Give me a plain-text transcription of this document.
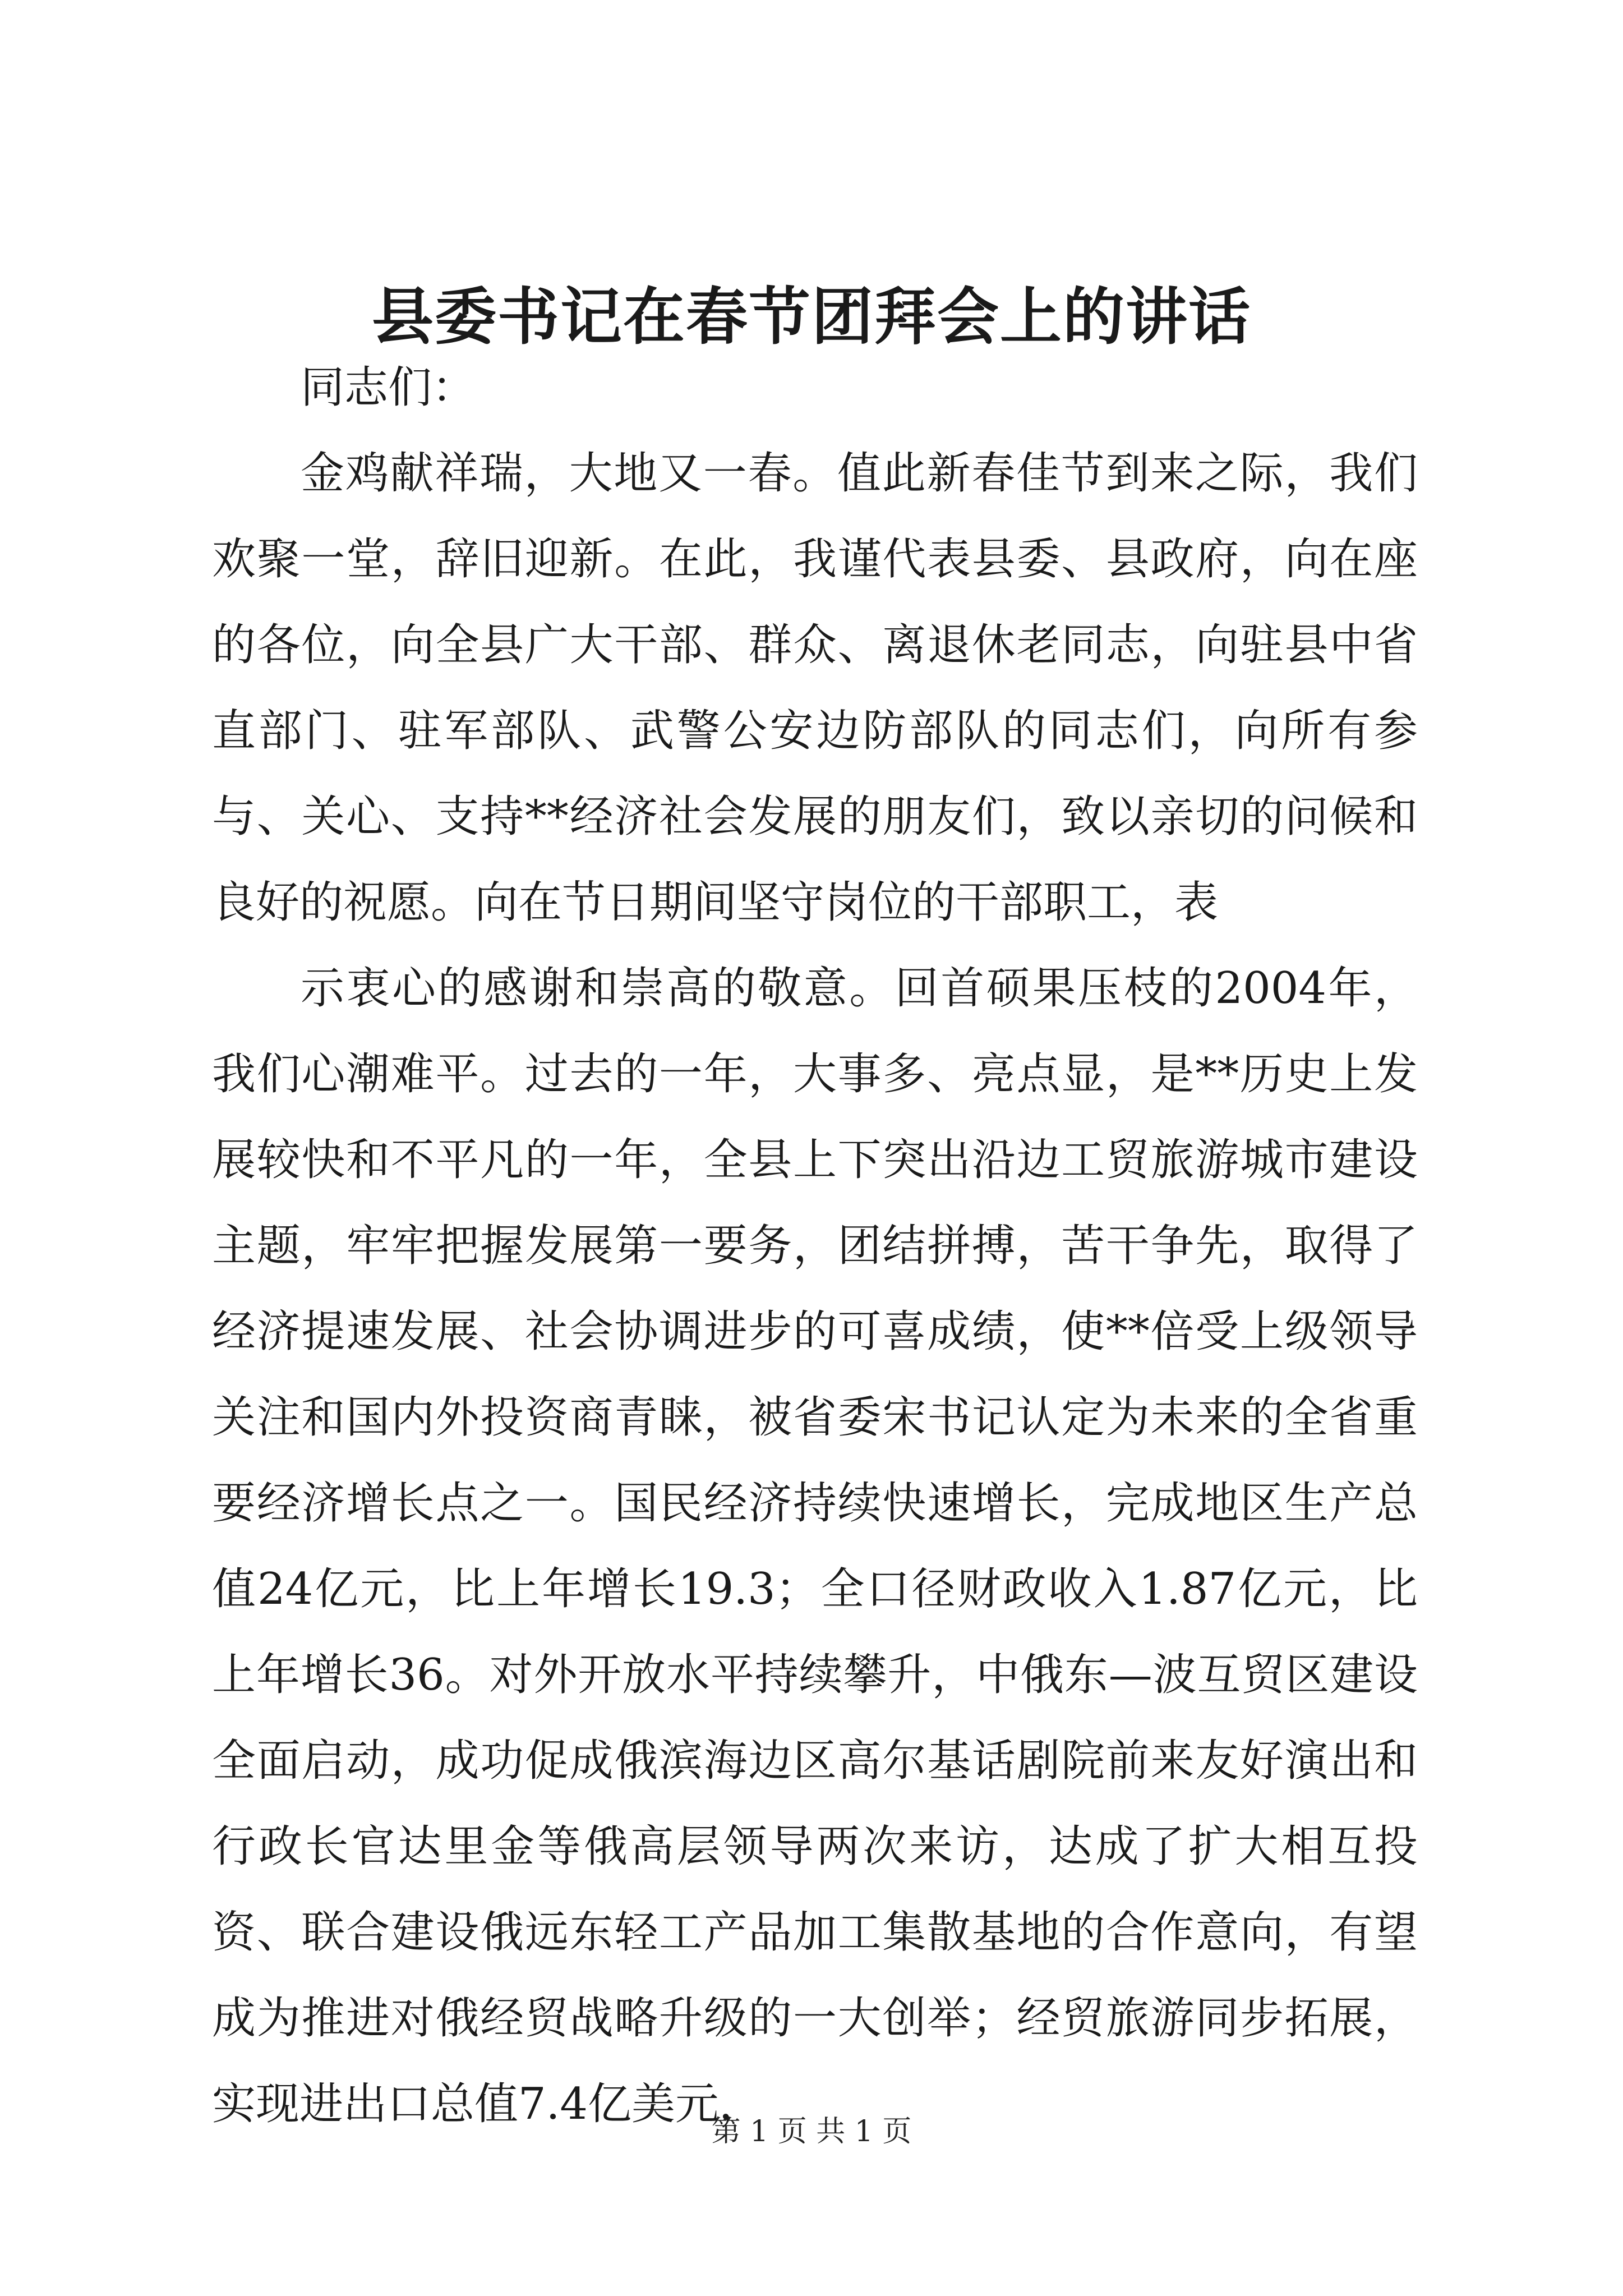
县委书记在春节团拜会上的讲话

同志们：

金鸡献祥瑞，大地又一春。值此新春佳节到来之际，我们欢聚一堂，辞旧迎新。在此，我谨代表县委、县政府，向在座的各位，向全县广大干部、群众、离退休老同志，向驻县中省直部门、驻军部队、武警公安边防部队的同志们，向所有参与、关心、支持**经济社会发展的朋友们，致以亲切的问候和良好的祝愿。向在节日期间坚守岗位的干部职工，表

示衷心的感谢和崇高的敬意。回首硕果压枝的2004年，我们心潮难平。过去的一年，大事多、亮点显，是**历史上发展较快和不平凡的一年，全县上下突出沿边工贸旅游城市建设主题，牢牢把握发展第一要务，团结拼搏，苦干争先，取得了经济提速发展、社会协调进步的可喜成绩，使**倍受上级领导关注和国内外投资商青睐，被省委宋书记认定为未来的全省重要经济增长点之一。国民经济持续快速增长，完成地区生产总值24亿元，比上年增长19.3；全口径财政收入1.87亿元，比上年增长36。对外开放水平持续攀升，中俄东—波互贸区建设全面启动，成功促成俄滨海边区高尔基话剧院前来友好演出和行政长官达里金等俄高层领导两次来访，达成了扩大相互投资、联合建设俄远东轻工产品加工集散基地的合作意向，有望成为推进对俄经贸战略升级的一大创举；经贸旅游同步拓展，实现进出口总值7.4亿美元，

第 1 页 共 1 页
